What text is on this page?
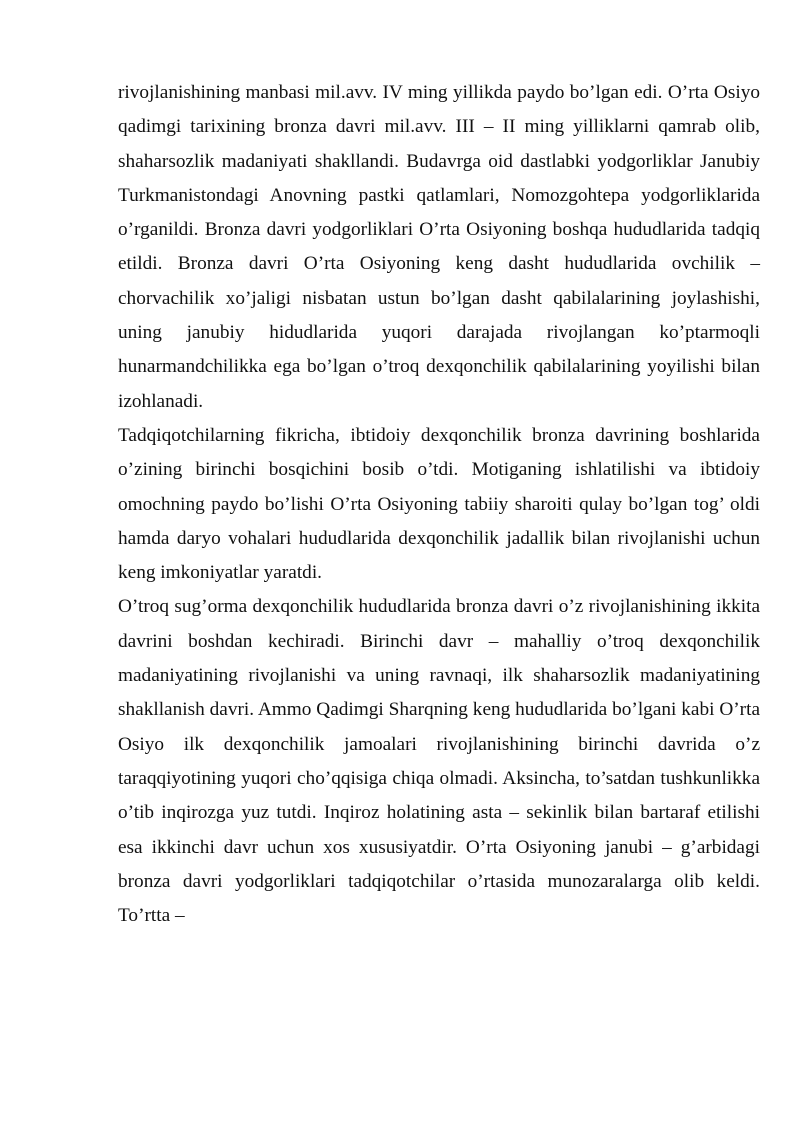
rivojlanishining manbasi mil.avv. IV ming yillikda paydo bo’lgan edi. O’rta Osiyo qadimgi tarixining bronza davri mil.avv. III – II ming yilliklarni qamrab olib, shaharsozlik madaniyati shakllandi. Budavrga oid dastlabki yodgorliklar Janubiy Turkmanistondagi Anovning pastki qatlamlari, Nomozgohtepa yodgorliklarida o’rganildi. Bronza davri yodgorliklari O’rta Osiyoning boshqa hududlarida tadqiq etildi. Bronza davri O’rta Osiyoning keng dasht hududlarida ovchilik – chorvachilik xo’jaligi nisbatan ustun bo’lgan dasht qabilalarining joylashishi, uning janubiy hidudlarida yuqori darajada rivojlangan ko’ptarmoqli hunarmandchilikka ega bo’lgan o’troq dexqonchilik qabilalarining yoyilishi bilan izohlanadi.

Tadqiqotchilarning fikricha, ibtidoiy dexqonchilik bronza davrining boshlarida o’zining birinchi bosqichini bosib o’tdi. Motiganing ishlatilishi va ibtidoiy omochning paydo bo’lishi O’rta Osiyoning tabiiy sharoiti qulay bo’lgan tog’ oldi hamda daryo vohalari hududlarida dexqonchilik jadallik bilan rivojlanishi uchun keng imkoniyatlar yaratdi.

O’troq sug’orma dexqonchilik hududlarida bronza davri o’z rivojlanishining ikkita davrini boshdan kechiradi. Birinchi davr – mahalliy o’troq dexqonchilik madaniyatining rivojlanishi va uning ravnaqi, ilk shaharsozlik madaniyatining shakllanish davri. Ammo Qadimgi Sharqning keng hududlarida bo’lgani kabi O’rta Osiyo ilk dexqonchilik jamoalari rivojlanishining birinchi davrida o’z taraqqiyotining yuqori cho’qqisiga chiqa olmadi. Aksincha, to’satdan tushkunlikka o’tib inqirozga yuz tutdi. Inqiroz holatining asta – sekinlik bilan bartaraf etilishi esa ikkinchi davr uchun xos xususiyatdir. O’rta Osiyoning janubi – g’arbidagi bronza davri yodgorliklari tadqiqotchilar o’rtasida munozaralarga olib keldi. To’rtta –
